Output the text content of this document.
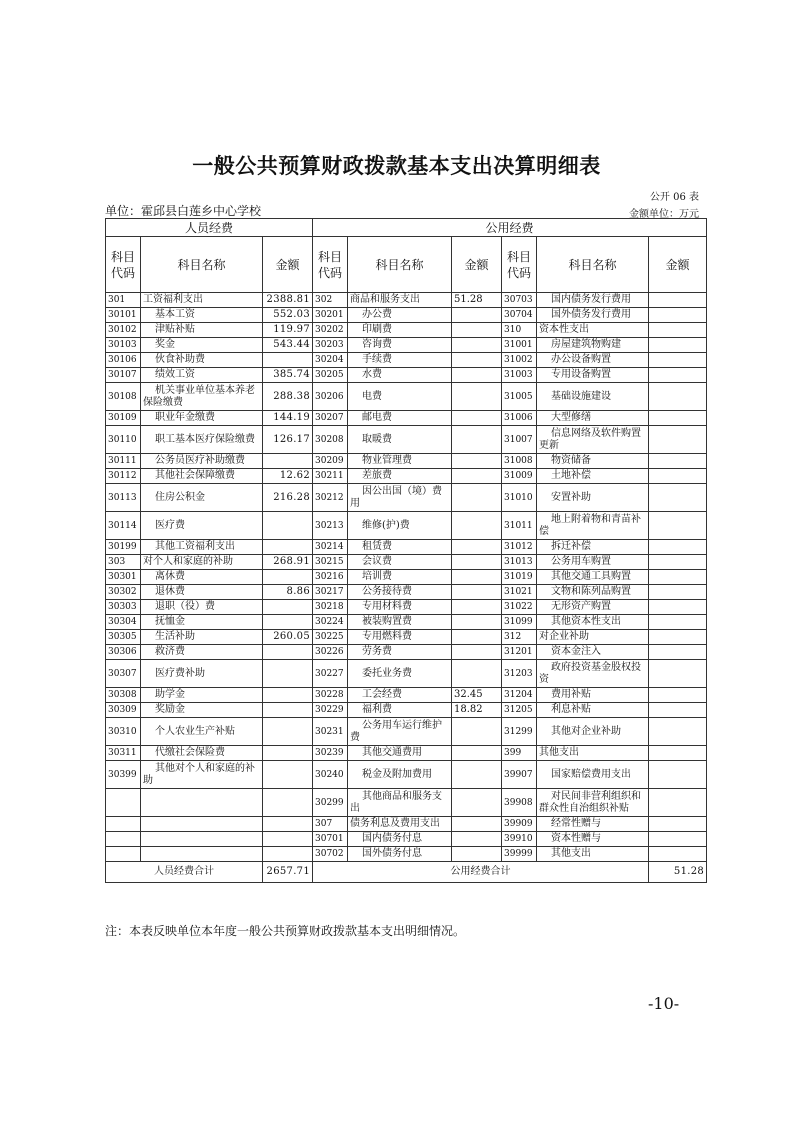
一般公共预算财政拨款基本支出决算明细表
公开 06 表
单位：霍邱县白莲乡中心学校	金额单位：万元
人员经费			公用经费					
科目代码	科目名称	金额	科目代码	科目名称	金额	科目代码	科目名称	金额
301	工资福利支出	2388.81	302	商品和服务支出	51.28	30703	国内债务发行费用	
30101	基本工资	552.03	30201	办公费		30704	国外债务发行费用	
30102	津贴补贴	119.97	30202	印刷费		310	资本性支出	
30103	奖金	543.44	30203	咨询费		31001	房屋建筑物购建	
30106	伙食补助费		30204	手续费		31002	办公设备购置	
30107	绩效工资	385.74	30205	水费		31003	专用设备购置	
30108	机关事业单位基本养老保险缴费	288.38	30206	电费		31005	基础设施建设	
30109	职业年金缴费	144.19	30207	邮电费		31006	大型修缮	
30110	职工基本医疗保险缴费	126.17	30208	取暖费		31007	信息网络及软件购置更新	
30111	公务员医疗补助缴费		30209	物业管理费		31008	物资储备	
30112	其他社会保障缴费	12.62	30211	差旅费		31009	土地补偿	
30113	住房公积金	216.28	30212	因公出国（境）费用		31010	安置补助	
30114	医疗费		30213	维修(护)费		31011	地上附着物和青苗补偿	
30199	其他工资福利支出		30214	租赁费		31012	拆迁补偿	
303	对个人和家庭的补助	268.91	30215	会议费		31013	公务用车购置	
30301	离休费		30216	培训费		31019	其他交通工具购置	
30302	退休费	8.86	30217	公务接待费		31021	文物和陈列品购置	
30303	退职（役）费		30218	专用材料费		31022	无形资产购置	
30304	抚恤金		30224	被装购置费		31099	其他资本性支出	
30305	生活补助	260.05	30225	专用燃料费		312	对企业补助	
30306	救济费		30226	劳务费		31201	资本金注入	
30307	医疗费补助		30227	委托业务费		31203	政府投资基金股权投资	
30308	助学金		30228	工会经费	32.45	31204	费用补贴	
30309	奖励金		30229	福利费	18.82	31205	利息补贴	
30310	个人农业生产补贴		30231	公务用车运行维护费		31299	其他对企业补助	
30311	代缴社会保险费		30239	其他交通费用		399	其他支出	
30399	其他对个人和家庭的补助		30240	税金及附加费用		39907	国家赔偿费用支出	
			30299	其他商品和服务支出		39908	对民间非营利组织和群众性自治组织补贴	
			307	债务利息及费用支出		39909	经常性赠与	
			30701	国内债务付息		39910	资本性赠与	
			30702	国外债务付息		39999	其他支出	
人员经费合计		2657.71	公用经费合计					51.28
注：本表反映单位本年度一般公共预算财政拨款基本支出明细情况。
-10-
